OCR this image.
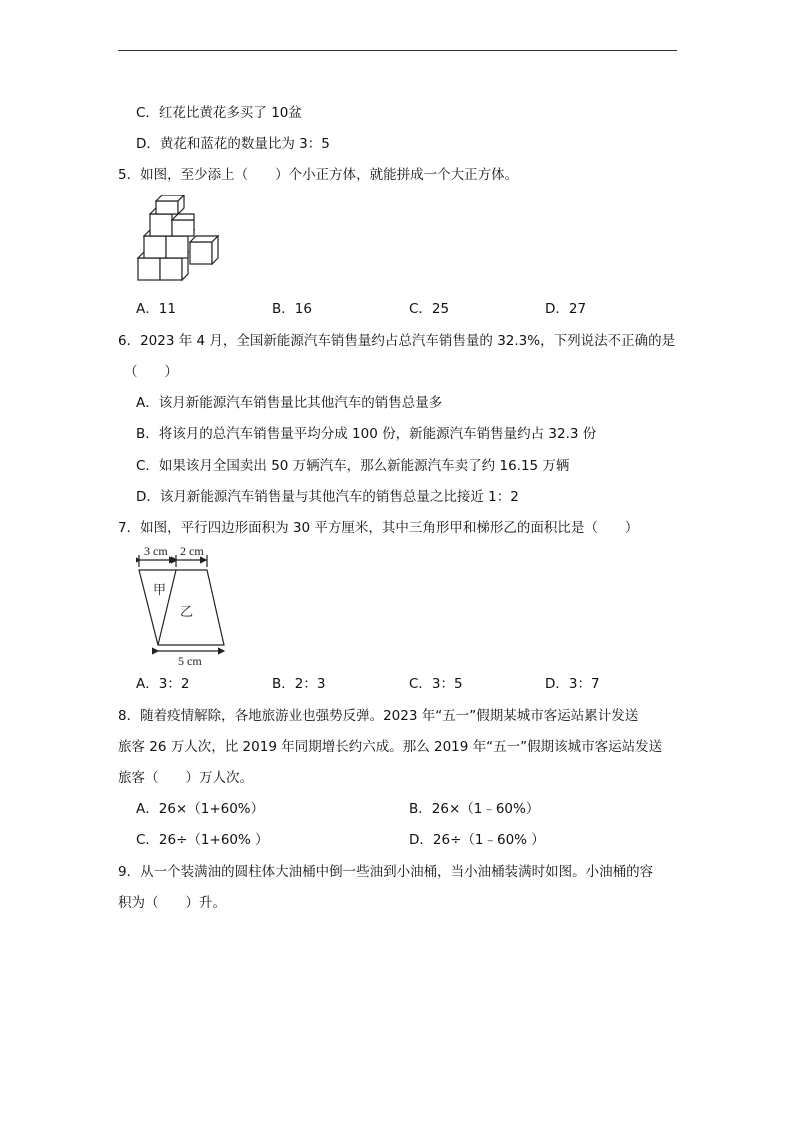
C．红花比黄花多买了 10盆
D．黄花和蓝花的数量比为 3：5
5．如图，至少添上（　　）个小正方体，就能拼成一个大正方体。
A．11	B．16	C．25	D．27
6．2023 年 4 月，全国新能源汽车销售量约占总汽车销售量的 32.3%，下列说法不正确的是
（　　）
A．该月新能源汽车销售量比其他汽车的销售总量多
B．将该月的总汽车销售量平均分成 100 份，新能源汽车销售量约占 32.3 份
C．如果该月全国卖出 50 万辆汽车，那么新能源汽车卖了约 16.15 万辆
D．该月新能源汽车销售量与其他汽车的销售总量之比接近 1：2
7．如图，平行四边形面积为 30 平方厘米，其中三角形甲和梯形乙的面积比是（　　）
3 cm 2 cm
甲
乙
5 cm
A．3：2	B．2：3	C．3：5	D．3：7
8．随着疫情解除，各地旅游业也强势反弹。2023 年“五一”假期某城市客运站累计发送
旅客 26 万人次，比 2019 年同期增长约六成。那么 2019 年“五一”假期该城市客运站发送
旅客（　　）万人次。
A．26×（1+60%）	B．26×（1﹣60%）
C．26÷（1+60% ）	D．26÷（1﹣60% ）
9．从一个装满油的圆柱体大油桶中倒一些油到小油桶，当小油桶装满时如图。小油桶的容
积为（　　）升。
